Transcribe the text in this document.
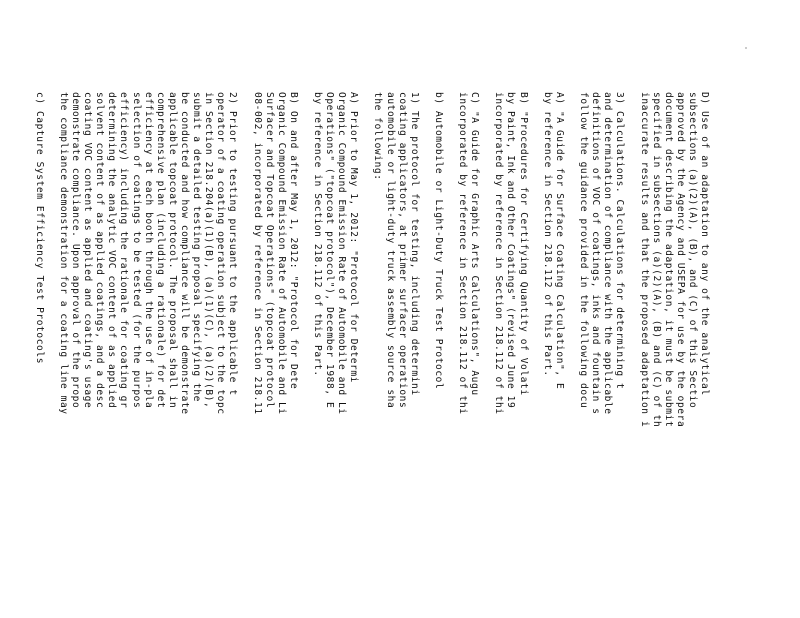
D) Use of an adaptation to any of the analytical
subsections (a)(2)(A), (B), and (C) of this Sectio
approved by the Agency and USEPA for use by the opera
document describing the adaptation, it must be submit
specified in subsections (a)(2)(A), (B) and (C) of th
inaccurate results and that the proposed adaptation i
3) Calculations. Calculations for determining t
and determination of compliance with the applicable
definitions of VOC of coatings, inks and fountain s
follow the guidance provided in the following docu
A) "A Guide for Surface Coating Calculation", E
by reference in Section 218.112 of this Part.
B) "Procedures for Certifying Quantity of Volati
by Paint, Ink and Other Coatings" (revised June 19
incorporated by reference in Section 218.112 of thi
C) "A Guide for Graphic Arts Calculations", Augu
incorporated by reference in Section 218.112 of thi
b) Automobile or Light-Duty Truck Test Protocol
1) The protocol for testing, including determini
coating applicators, at primer surfacer operations
automobile or light-duty truck assembly source sha
the following:
A) Prior to May 1, 2012: "Protocol for Determi
Organic Compound Emission Rate of Automobile and Li
Operations" ("topcoat protocol"), December 1988, E
by reference in Section 218.112 of this Part.
B) On and after May 1, 2012: "Protocol for Dete
Organic Compound Emission Rate of Automobile and Li
Surfacer and Topcoat Operations" (topcoat protocol
08-002, incorporated by reference in Section 218.11
2) Prior to testing pursuant to the applicable t
operator of a coating operation subject to the topc
in Section 218.204(a)(1)(B), (a)(1)(C), (a)(2)(B),
submit a detailed testing proposal specifying the
be conducted and how compliance will be demonstrate
applicable topcoat protocol. The proposal shall in
comprehensive plan (including a rationale) for det
efficiency at each booth through the use of in-pla
selection of coatings to be tested (for the purpos
efficiency) including the rationale for coating gr
determining the analytic VOC content of as applied
solvent content of as applied coatings, and a desc
coating VOC content as applied and coating's usage
demonstrate compliance. Upon approval of the propo
the compliance demonstration for a coating line may
c) Capture System Efficiency Test Protocols
